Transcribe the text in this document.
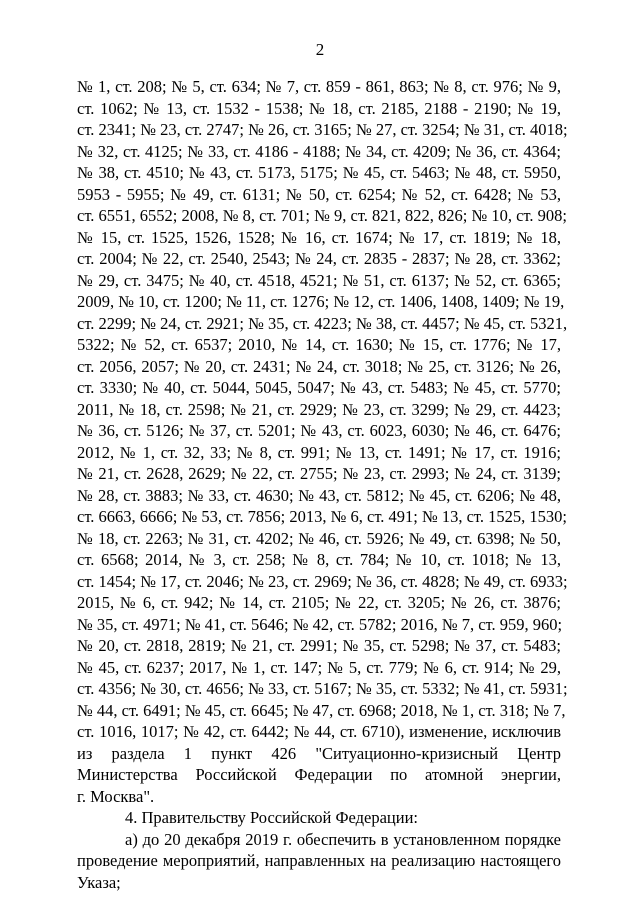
2
№ 1, ст. 208; № 5, ст. 634; № 7, ст. 859 - 861, 863; № 8, ст. 976; № 9,
ст. 1062; № 13, ст. 1532 - 1538; № 18, ст. 2185, 2188 - 2190; № 19,
ст. 2341; № 23, ст. 2747; № 26, ст. 3165; № 27, ст. 3254; № 31, ст. 4018;
№ 32, ст. 4125; № 33, ст. 4186 - 4188; № 34, ст. 4209; № 36, ст. 4364;
№ 38, ст. 4510; № 43, ст. 5173, 5175; № 45, ст. 5463; № 48, ст. 5950,
5953 - 5955; № 49, ст. 6131; № 50, ст. 6254; № 52, ст. 6428; № 53,
ст. 6551, 6552; 2008, № 8, ст. 701; № 9, ст. 821, 822, 826; № 10, ст. 908;
№ 15, ст. 1525, 1526, 1528; № 16, ст. 1674; № 17, ст. 1819; № 18,
ст. 2004; № 22, ст. 2540, 2543; № 24, ст. 2835 - 2837; № 28, ст. 3362;
№ 29, ст. 3475; № 40, ст. 4518, 4521; № 51, ст. 6137; № 52, ст. 6365;
2009, № 10, ст. 1200; № 11, ст. 1276; № 12, ст. 1406, 1408, 1409; № 19,
ст. 2299; № 24, ст. 2921; № 35, ст. 4223; № 38, ст. 4457; № 45, ст. 5321,
5322; № 52, ст. 6537; 2010, № 14, ст. 1630; № 15, ст. 1776; № 17,
ст. 2056, 2057; № 20, ст. 2431; № 24, ст. 3018; № 25, ст. 3126; № 26,
ст. 3330; № 40, ст. 5044, 5045, 5047; № 43, ст. 5483; № 45, ст. 5770;
2011, № 18, ст. 2598; № 21, ст. 2929; № 23, ст. 3299; № 29, ст. 4423;
№ 36, ст. 5126; № 37, ст. 5201; № 43, ст. 6023, 6030; № 46, ст. 6476;
2012, № 1, ст. 32, 33; № 8, ст. 991; № 13, ст. 1491; № 17, ст. 1916;
№ 21, ст. 2628, 2629; № 22, ст. 2755; № 23, ст. 2993; № 24, ст. 3139;
№ 28, ст. 3883; № 33, ст. 4630; № 43, ст. 5812; № 45, ст. 6206; № 48,
ст. 6663, 6666; № 53, ст. 7856; 2013, № 6, ст. 491; № 13, ст. 1525, 1530;
№ 18, ст. 2263; № 31, ст. 4202; № 46, ст. 5926; № 49, ст. 6398; № 50,
ст. 6568; 2014, № 3, ст. 258; № 8, ст. 784; № 10, ст. 1018; № 13,
ст. 1454; № 17, ст. 2046; № 23, ст. 2969; № 36, ст. 4828; № 49, ст. 6933;
2015, № 6, ст. 942; № 14, ст. 2105; № 22, ст. 3205; № 26, ст. 3876;
№ 35, ст. 4971; № 41, ст. 5646; № 42, ст. 5782; 2016, № 7, ст. 959, 960;
№ 20, ст. 2818, 2819; № 21, ст. 2991; № 35, ст. 5298; № 37, ст. 5483;
№ 45, ст. 6237; 2017, № 1, ст. 147; № 5, ст. 779; № 6, ст. 914; № 29,
ст. 4356; № 30, ст. 4656; № 33, ст. 5167; № 35, ст. 5332; № 41, ст. 5931;
№ 44, ст. 6491; № 45, ст. 6645; № 47, ст. 6968; 2018, № 1, ст. 318; № 7,
ст. 1016, 1017; № 42, ст. 6442; № 44, ст. 6710), изменение, исключив
из раздела 1 пункт 426 "Ситуационно-кризисный Центр
Министерства Российской Федерации по атомной энергии,
г. Москва".
4. Правительству Российской Федерации:
а) до 20 декабря 2019 г. обеспечить в установленном порядке
проведение мероприятий, направленных на реализацию настоящего
Указа;
